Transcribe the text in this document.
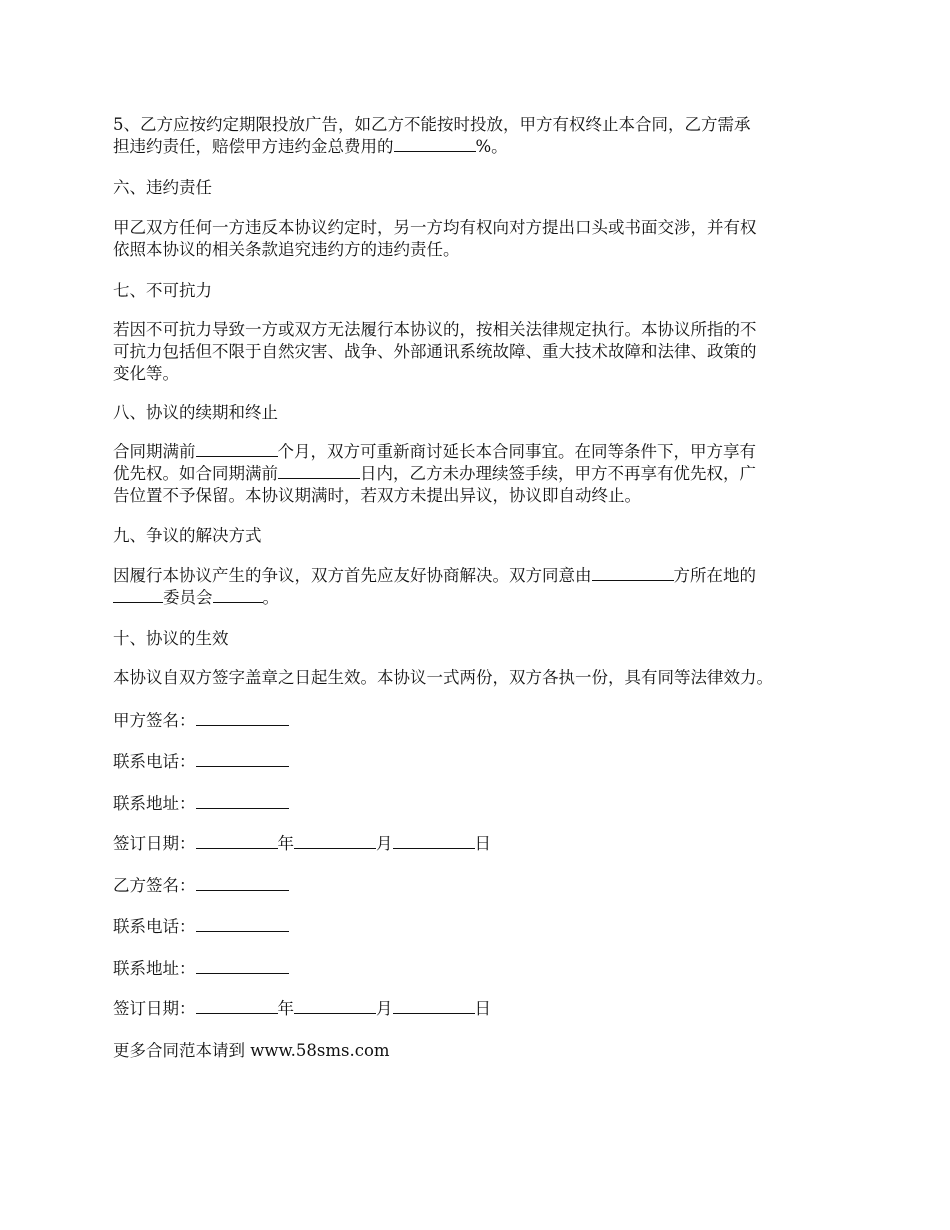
5、乙方应按约定期限投放广告，如乙方不能按时投放，甲方有权终止本合同，乙方需承
担违约责任，赔偿甲方违约金总费用的	%。
六、违约责任
甲乙双方任何一方违反本协议约定时，另一方均有权向对方提出口头或书面交涉，并有权
依照本协议的相关条款追究违约方的违约责任。
七、不可抗力
若因不可抗力导致一方或双方无法履行本协议的，按相关法律规定执行。本协议所指的不
可抗力包括但不限于自然灾害、战争、外部通讯系统故障、重大技术故障和法律、政策的
变化等。
八、协议的续期和终止
合同期满前	个月，双方可重新商讨延长本合同事宜。在同等条件下，甲方享有
优先权。如合同期满前	日内，乙方未办理续签手续，甲方不再享有优先权，广
告位置不予保留。本协议期满时，若双方未提出异议，协议即自动终止。
九、争议的解决方式
因履行本协议产生的争议，双方首先应友好协商解决。双方同意由	方所在地的
委员会	。
十、协议的生效
本协议自双方签字盖章之日起生效。本协议一式两份，双方各执一份，具有同等法律效力。
甲方签名：
联系电话：
联系地址：
签订日期：	年	月	日
乙方签名：
联系电话：
联系地址：
签订日期：	年	月	日
更多合同范本请到 www.58sms.com
